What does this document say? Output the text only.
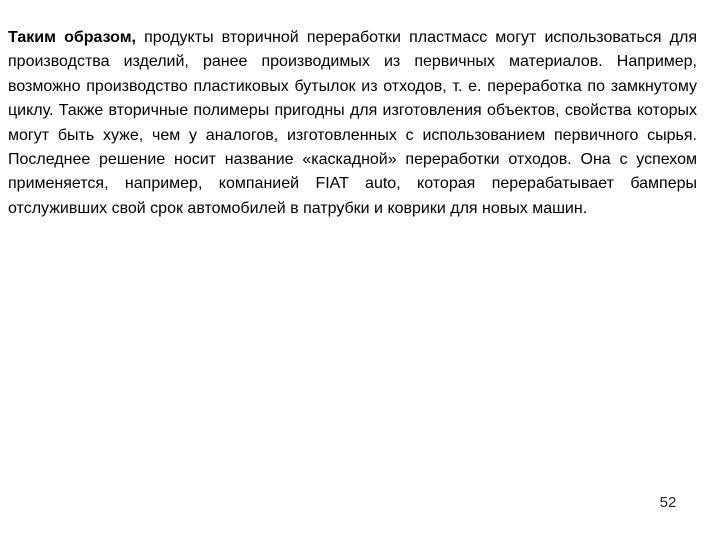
Таким образом, продукты вторичной переработки пластмасс могут использоваться для производства изделий, ранее производимых из первичных материалов. Например, возможно производство пластиковых бутылок из отходов, т. е. переработка по замкнутому циклу. Также вторичные полимеры пригодны для изготовления объектов, свойства которых могут быть хуже, чем у аналогов, изготовленных с использованием первичного сырья. Последнее решение носит название «каскадной» переработки отходов. Она с успехом применяется, например, компанией FIAT auto, которая перерабатывает бамперы отслуживших свой срок автомобилей в патрубки и коврики для новых машин.

52
